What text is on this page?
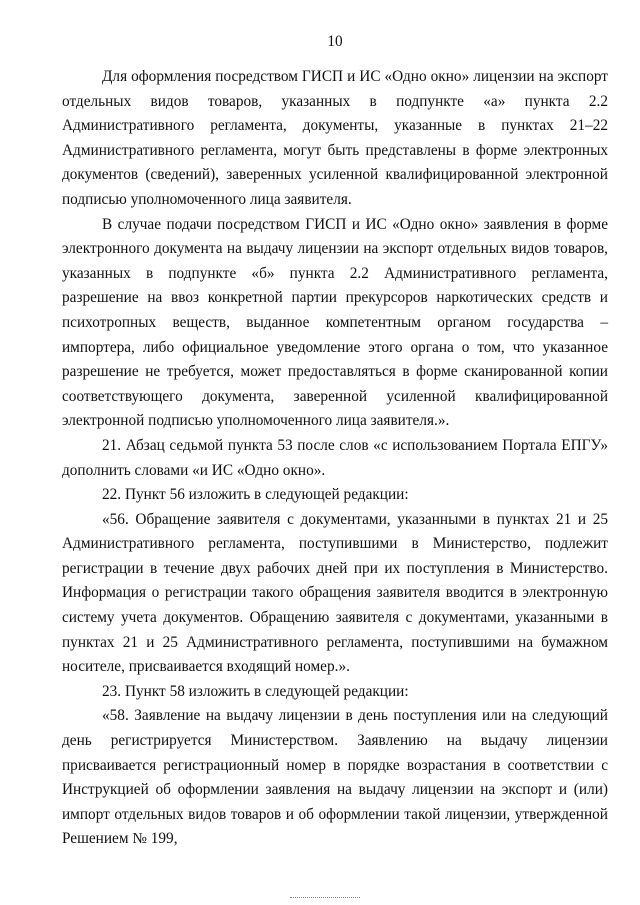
10

Для оформления посредством ГИСП и ИС «Одно окно» лицензии на экспорт отдельных видов товаров, указанных в подпункте «а» пункта 2.2 Административного регламента, документы, указанные в пунктах 21–22 Административного регламента, могут быть представлены в форме электронных документов (сведений), заверенных усиленной квалифицированной электронной подписью уполномоченного лица заявителя.

В случае подачи посредством ГИСП и ИС «Одно окно» заявления в форме электронного документа на выдачу лицензии на экспорт отдельных видов товаров, указанных в подпункте «б» пункта 2.2 Административного регламента, разрешение на ввоз конкретной партии прекурсоров наркотических средств и психотропных веществ, выданное компетентным органом государства – импортера, либо официальное уведомление этого органа о том, что указанное разрешение не требуется, может предоставляться в форме сканированной копии соответствующего документа, заверенной усиленной квалифицированной электронной подписью уполномоченного лица заявителя.».

21. Абзац седьмой пункта 53 после слов «с использованием Портала ЕПГУ» дополнить словами «и ИС «Одно окно».

22. Пункт 56 изложить в следующей редакции:

«56. Обращение заявителя с документами, указанными в пунктах 21 и 25 Административного регламента, поступившими в Министерство, подлежит регистрации в течение двух рабочих дней при их поступления в Министерство. Информация о регистрации такого обращения заявителя вводится в электронную систему учета документов. Обращению заявителя с документами, указанными в пунктах 21 и 25 Административного регламента, поступившими на бумажном носителе, присваивается входящий номер.».

23. Пункт 58 изложить в следующей редакции:

«58. Заявление на выдачу лицензии в день поступления или на следующий день регистрируется Министерством. Заявлению на выдачу лицензии присваивается регистрационный номер в порядке возрастания в соответствии с Инструкцией об оформлении заявления на выдачу лицензии на экспорт и (или) импорт отдельных видов товаров и об оформлении такой лицензии, утвержденной Решением № 199,
